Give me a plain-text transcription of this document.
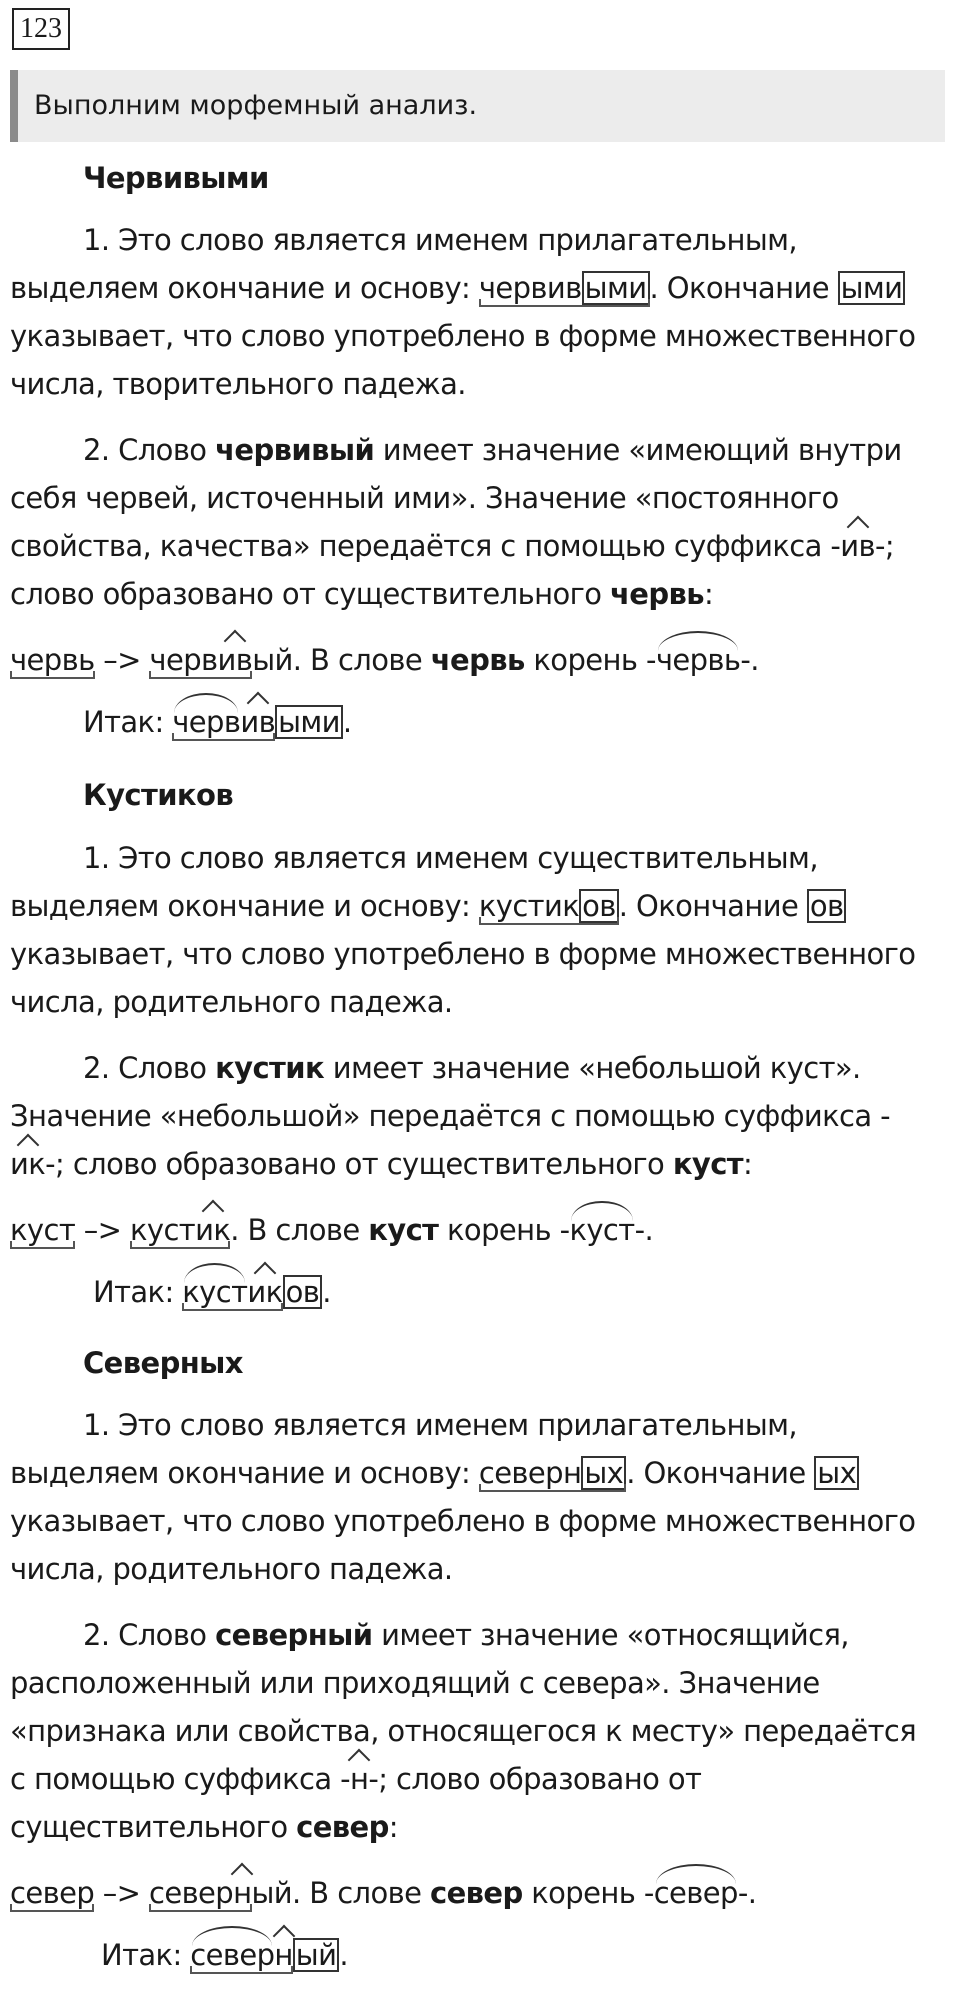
123
Выполним морфемный анализ.
Червивыми
1. Это слово является именем прилагательным,
выделяем окончание и основу: червив ыми . Окончание ыми
указывает, что слово употреблено в форме множественного
числа, творительного падежа.
2. Слово червивый имеет значение «имеющий внутри
себя червей, источенный ими». Значение «постоянного
свойства, качества» передаётся с помощью суффикса -ив-;
слово образовано от существительного червь:
червь –> червивый. В слове червь корень -червь-.
Итак: червив ыми .
Кустиков
1. Это слово является именем существительным,
выделяем окончание и основу: кустик ов . Окончание ов
указывает, что слово употреблено в форме множественного
числа, родительного падежа.
2. Слово кустик имеет значение «небольшой куст».
Значение «небольшой» передаётся с помощью суффикса -
ик-; слово образовано от существительного куст:
куст –> кустик. В слове куст корень -куст-.
Итак: кустик ов .
Северных
1. Это слово является именем прилагательным,
выделяем окончание и основу: северн ых . Окончание ых
указывает, что слово употреблено в форме множественного
числа, родительного падежа.
2. Слово северный имеет значение «относящийся,
расположенный или приходящий с севера». Значение
«признака или свойства, относящегося к месту» передаётся
с помощью суффикса -н-; слово образовано от
существительного север:
север –> северный. В слове север корень -север-.
Итак: северн ый .
